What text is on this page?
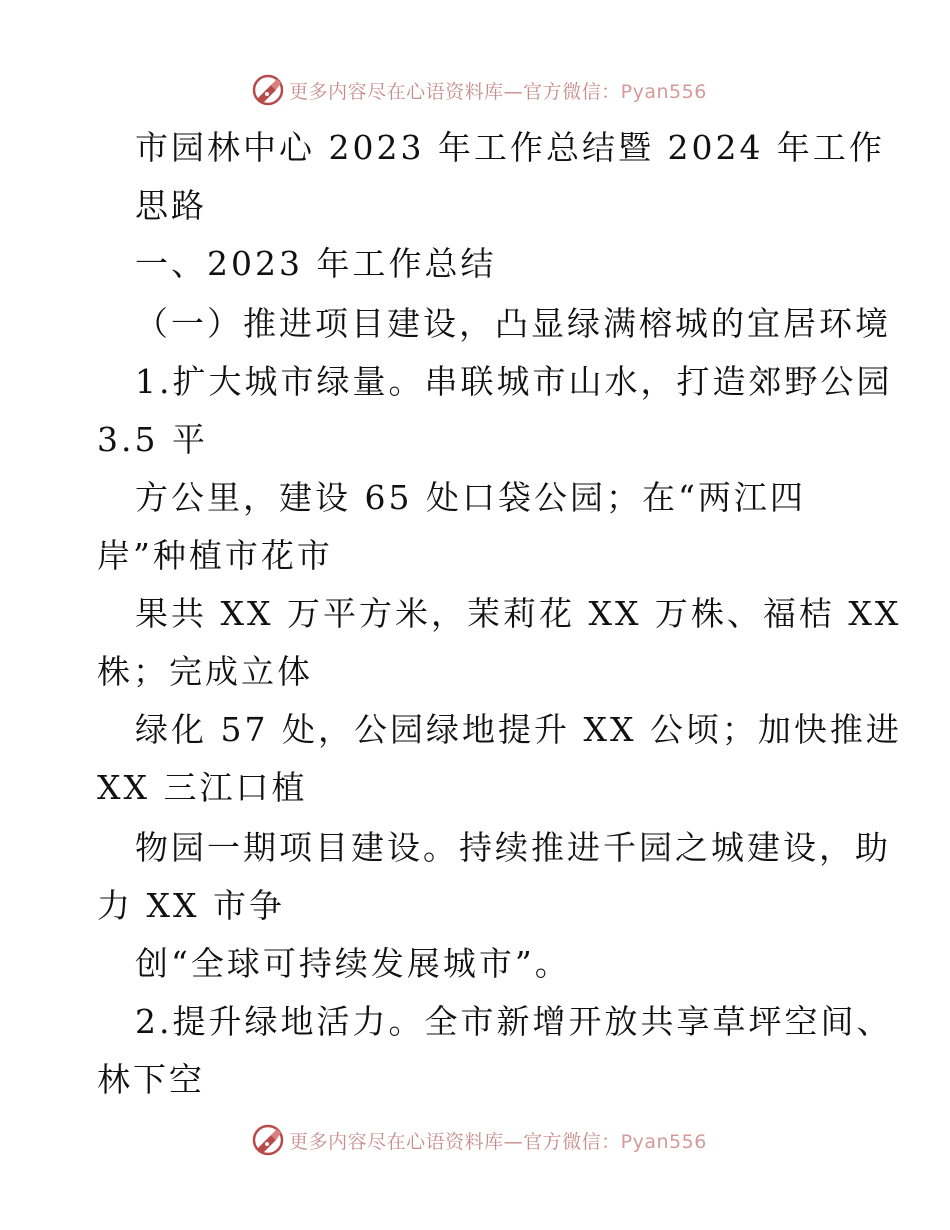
更多内容尽在心语资料库—官方微信：Pyan556
市园林中心 2023 年工作总结暨 2024 年工作
思路
一、2023 年工作总结
（一）推进项目建设，凸显绿满榕城的宜居环境
1.扩大城市绿量。串联城市山水，打造郊野公园
3.5 平
方公里，建设 65 处口袋公园；在“两江四
岸”种植市花市
果共 XX 万平方米，茉莉花 XX 万株、福桔 XX
株；完成立体
绿化 57 处，公园绿地提升 XX 公顷；加快推进
XX 三江口植
物园一期项目建设。持续推进千园之城建设，助
力 XX 市争
创“全球可持续发展城市”。
2.提升绿地活力。全市新增开放共享草坪空间、
林下空
更多内容尽在心语资料库—官方微信：Pyan556
